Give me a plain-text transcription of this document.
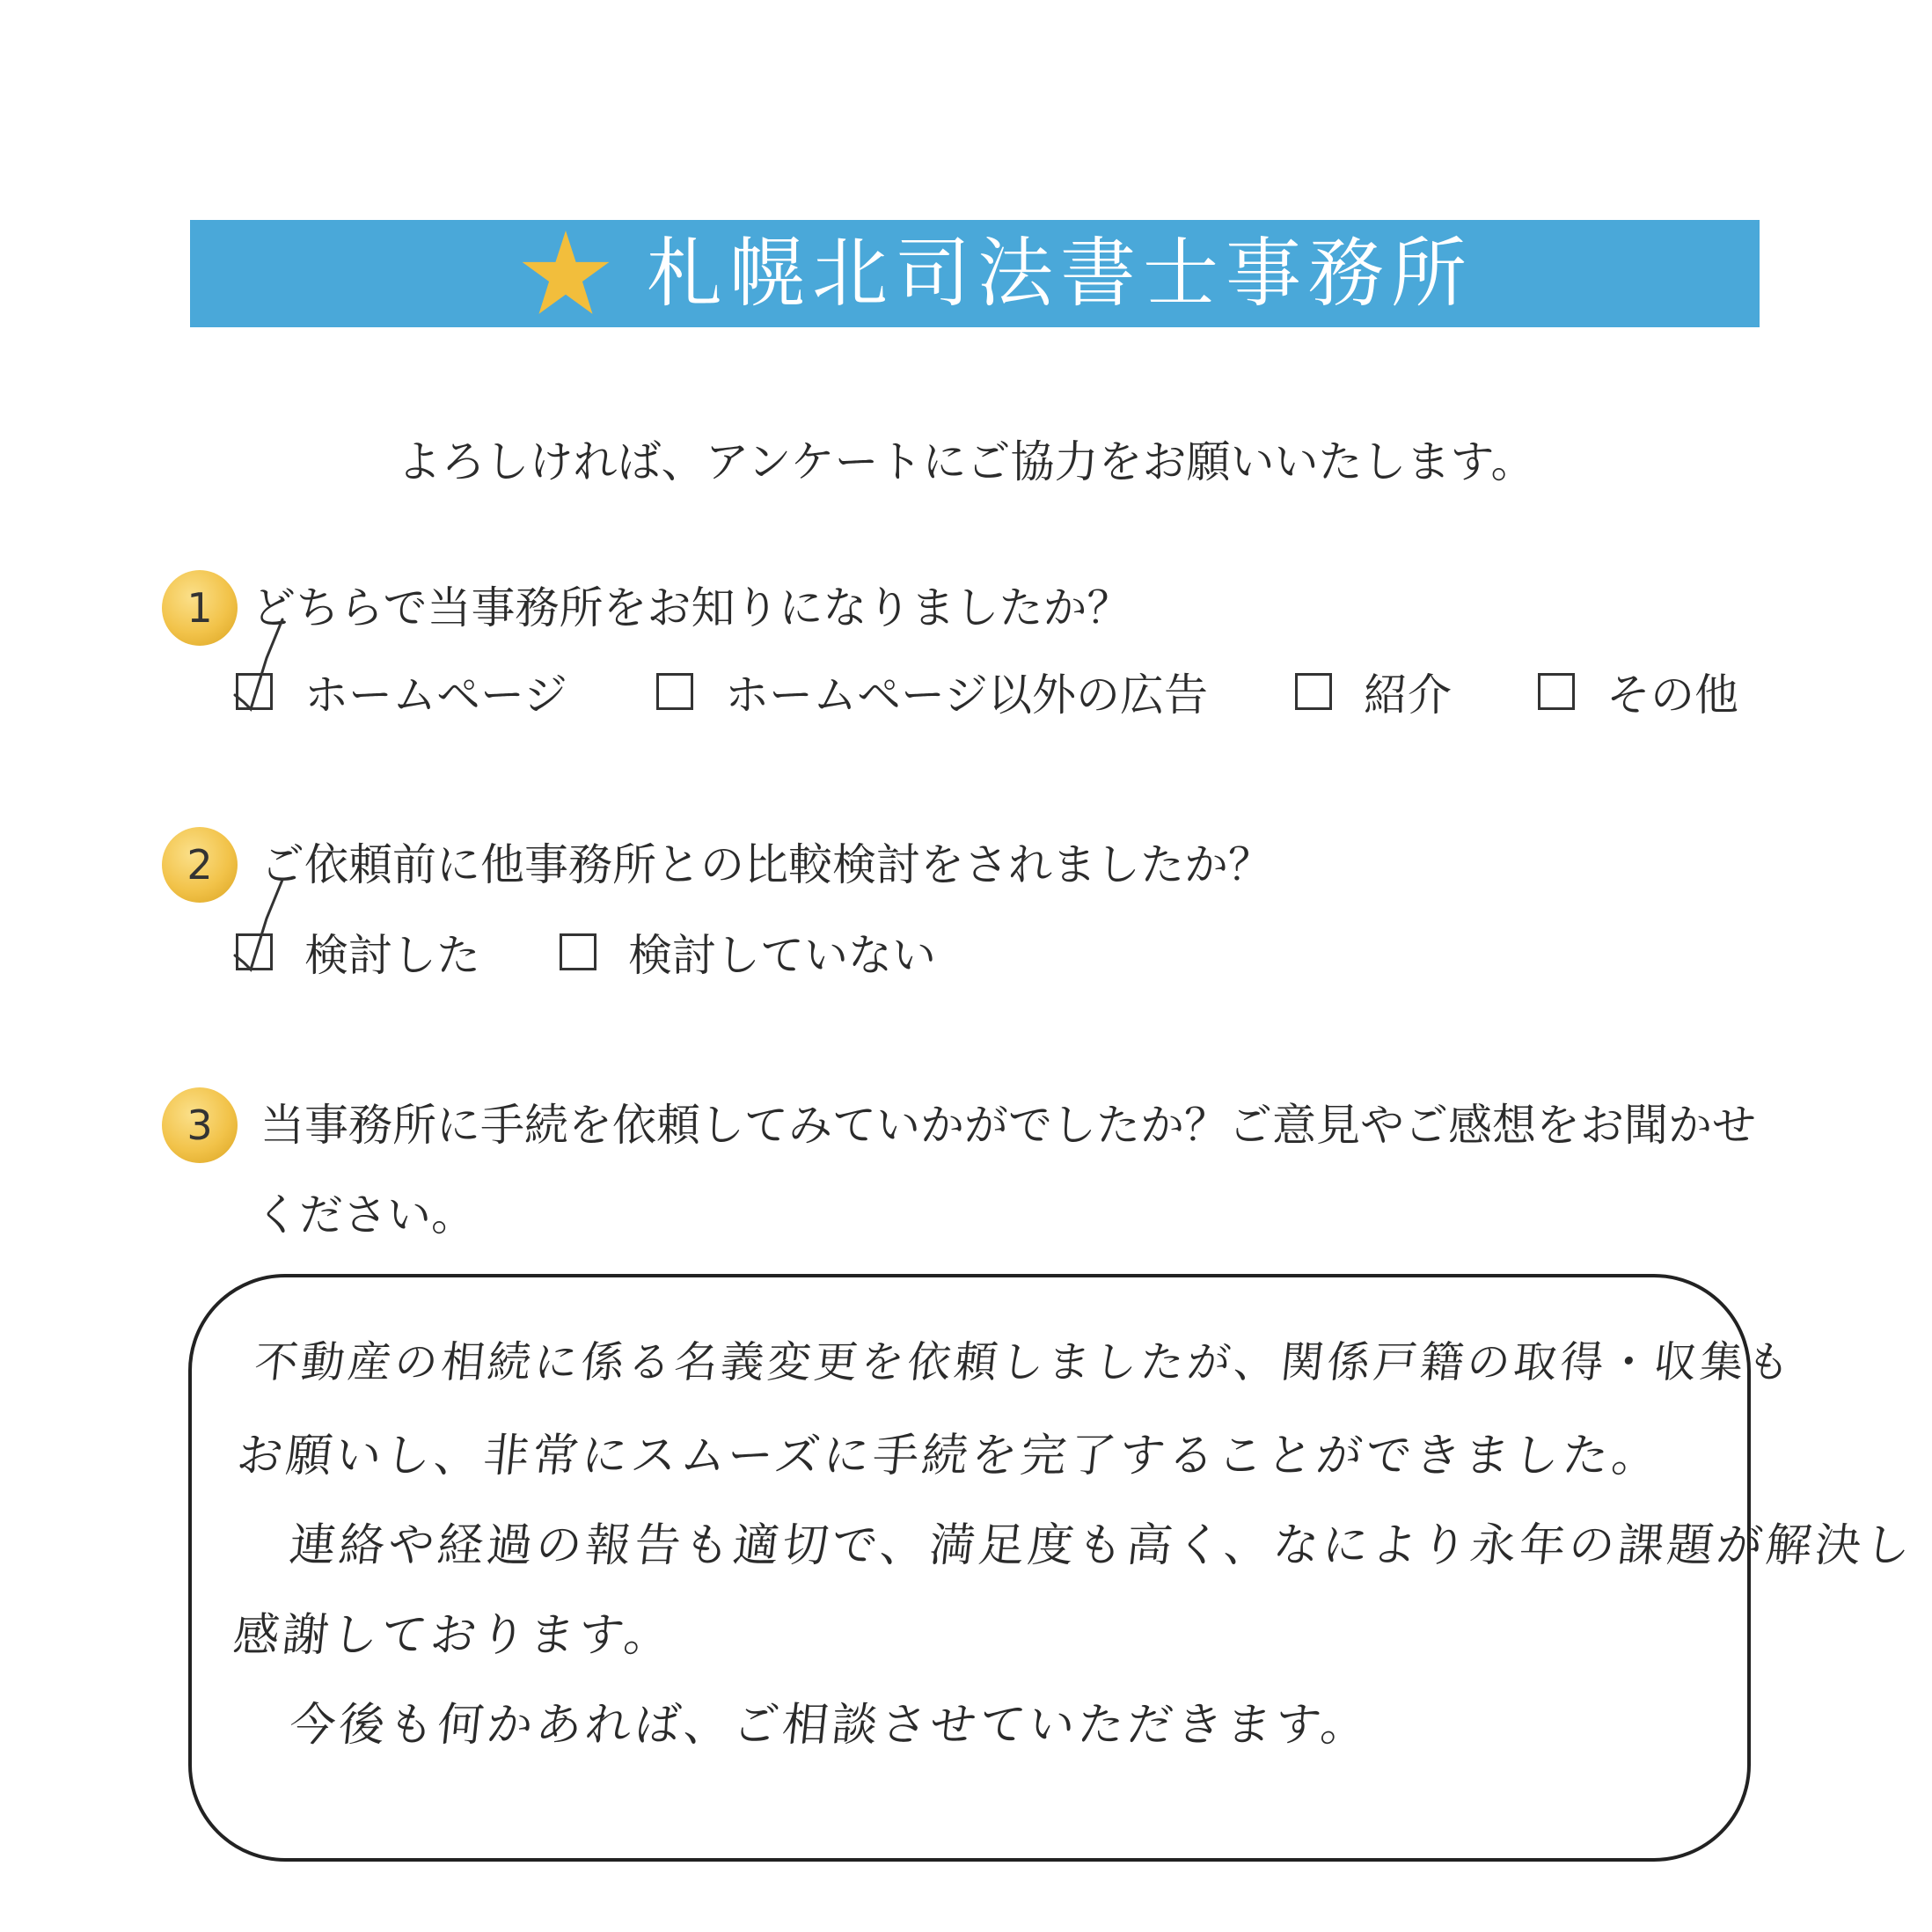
札幌北司法書士事務所
よろしければ、アンケートにご協力をお願いいたします。
1 どちらで当事務所をお知りになりましたか？
ホームページ	ホームページ以外の広告	紹介	その他
2	ご依頼前に他事務所との比較検討をされましたか？
検討した	検討していない
3	当事務所に手続を依頼してみていかがでしたか？ご意見やご感想をお聞かせ
ください。
不動産の相続に係る名義変更を依頼しましたが、関係戸籍の取得・収集も
お願いし、非常にスムーズに手続を完了することができました。
連絡や経過の報告も適切で、満足度も高く、なにより永年の課題が解決し
感謝しております。
今後も何かあれば、ご相談させていただきます。
